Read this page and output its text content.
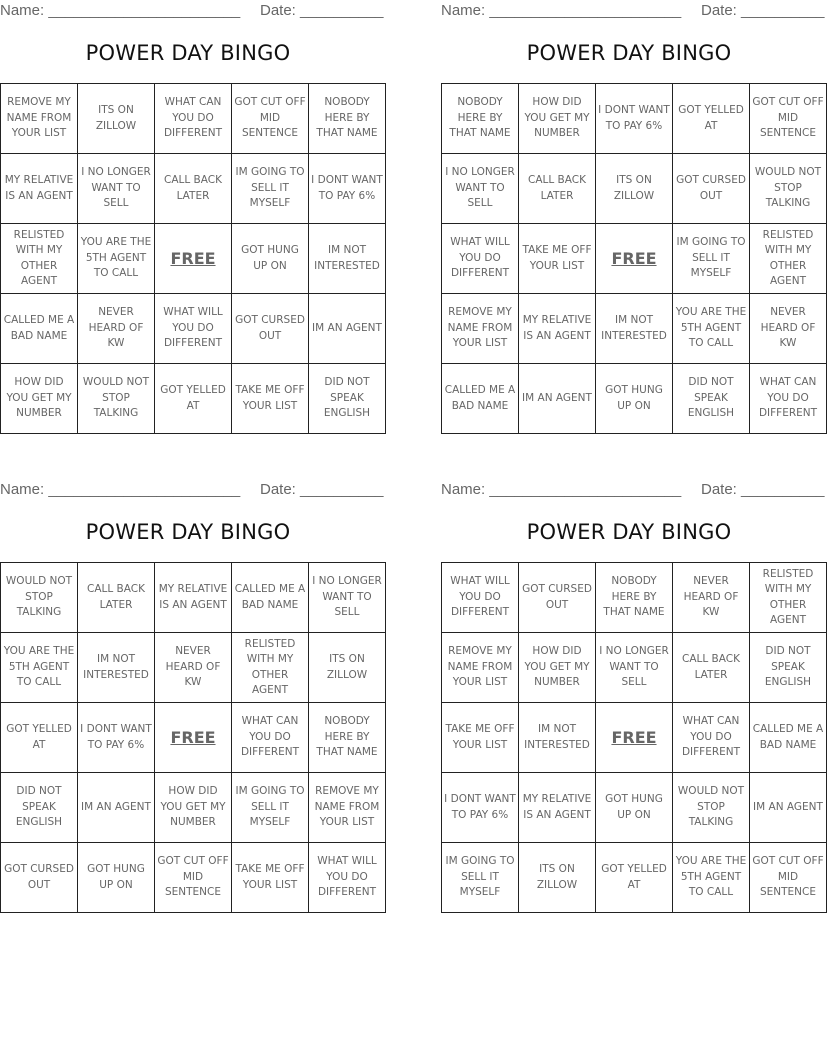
Name: _______________________ Date: __________
POWER DAY BINGO
REMOVE MY NAME FROM YOUR LIST	ITS ON ZILLOW	WHAT CAN YOU DO DIFFERENT	GOT CUT OFF MID SENTENCE	NOBODY HERE BY THAT NAME
MY RELATIVE IS AN AGENT	I NO LONGER WANT TO SELL	CALL BACK LATER	IM GOING TO SELL IT MYSELF	I DONT WANT TO PAY 6%
RELISTED WITH MY OTHER AGENT	YOU ARE THE 5TH AGENT TO CALL	FREE	GOT HUNG UP ON	IM NOT INTERESTED
CALLED ME A BAD NAME	NEVER HEARD OF KW	WHAT WILL YOU DO DIFFERENT	GOT CURSED OUT	IM AN AGENT
HOW DID YOU GET MY NUMBER	WOULD NOT STOP TALKING	GOT YELLED AT	TAKE ME OFF YOUR LIST	DID NOT SPEAK ENGLISH
Name: _______________________ Date: __________
POWER DAY BINGO
NOBODY HERE BY THAT NAME	HOW DID YOU GET MY NUMBER	I DONT WANT TO PAY 6%	GOT YELLED AT	GOT CUT OFF MID SENTENCE
I NO LONGER WANT TO SELL	CALL BACK LATER	ITS ON ZILLOW	GOT CURSED OUT	WOULD NOT STOP TALKING
WHAT WILL YOU DO DIFFERENT	TAKE ME OFF YOUR LIST	FREE	IM GOING TO SELL IT MYSELF	RELISTED WITH MY OTHER AGENT
REMOVE MY NAME FROM YOUR LIST	MY RELATIVE IS AN AGENT	IM NOT INTERESTED	YOU ARE THE 5TH AGENT TO CALL	NEVER HEARD OF KW
CALLED ME A BAD NAME	IM AN AGENT	GOT HUNG UP ON	DID NOT SPEAK ENGLISH	WHAT CAN YOU DO DIFFERENT
Name: _______________________ Date: __________
POWER DAY BINGO
WOULD NOT STOP TALKING	CALL BACK LATER	MY RELATIVE IS AN AGENT	CALLED ME A BAD NAME	I NO LONGER WANT TO SELL
YOU ARE THE 5TH AGENT TO CALL	IM NOT INTERESTED	NEVER HEARD OF KW	RELISTED WITH MY OTHER AGENT	ITS ON ZILLOW
GOT YELLED AT	I DONT WANT TO PAY 6%	FREE	WHAT CAN YOU DO DIFFERENT	NOBODY HERE BY THAT NAME
DID NOT SPEAK ENGLISH	IM AN AGENT	HOW DID YOU GET MY NUMBER	IM GOING TO SELL IT MYSELF	REMOVE MY NAME FROM YOUR LIST
GOT CURSED OUT	GOT HUNG UP ON	GOT CUT OFF MID SENTENCE	TAKE ME OFF YOUR LIST	WHAT WILL YOU DO DIFFERENT
Name: _______________________ Date: __________
POWER DAY BINGO
WHAT WILL YOU DO DIFFERENT	GOT CURSED OUT	NOBODY HERE BY THAT NAME	NEVER HEARD OF KW	RELISTED WITH MY OTHER AGENT
REMOVE MY NAME FROM YOUR LIST	HOW DID YOU GET MY NUMBER	I NO LONGER WANT TO SELL	CALL BACK LATER	DID NOT SPEAK ENGLISH
TAKE ME OFF YOUR LIST	IM NOT INTERESTED	FREE	WHAT CAN YOU DO DIFFERENT	CALLED ME A BAD NAME
I DONT WANT TO PAY 6%	MY RELATIVE IS AN AGENT	GOT HUNG UP ON	WOULD NOT STOP TALKING	IM AN AGENT
IM GOING TO SELL IT MYSELF	ITS ON ZILLOW	GOT YELLED AT	YOU ARE THE 5TH AGENT TO CALL	GOT CUT OFF MID SENTENCE
